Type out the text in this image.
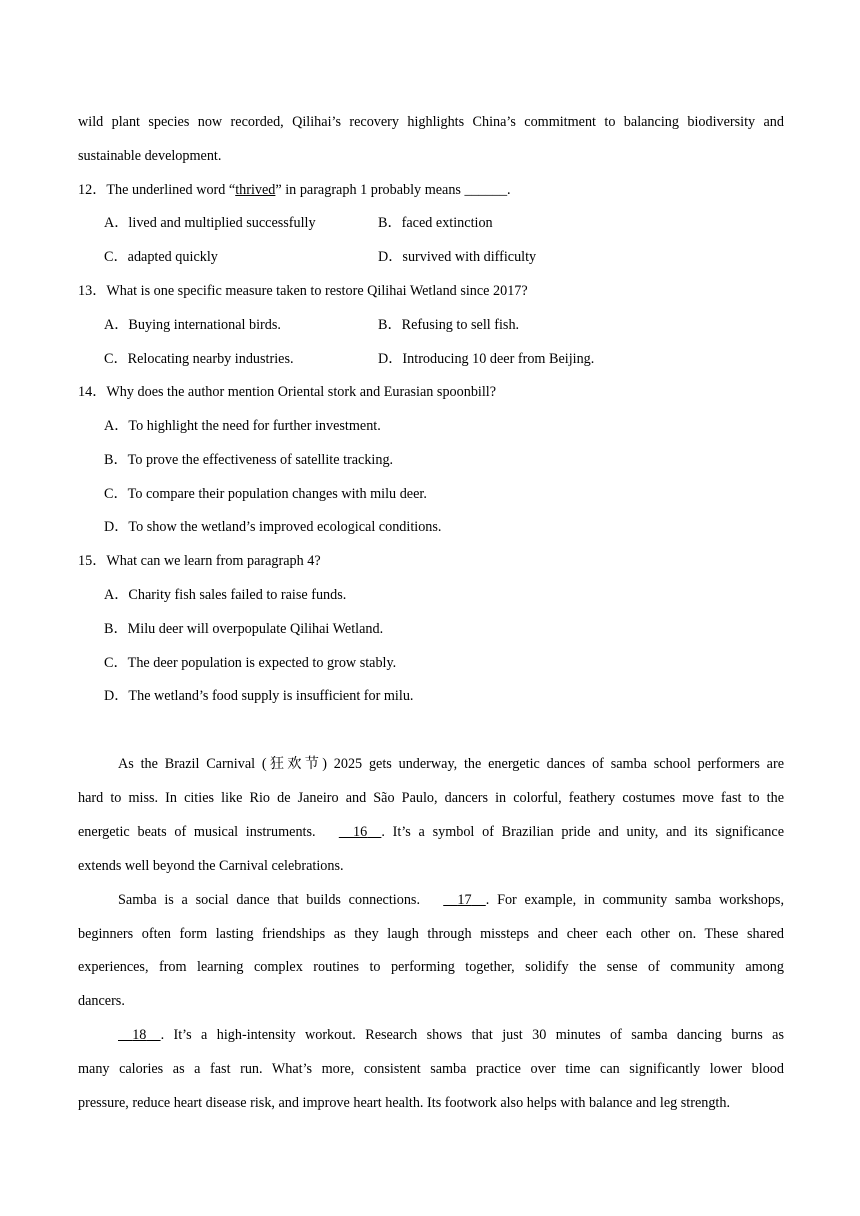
wild plant species now recorded, Qilihai’s recovery highlights China’s commitment to balancing biodiversity and
sustainable development.
12．The underlined word “thrived” in paragraph 1 probably means ______.
A．lived and multiplied successfully	B．faced extinction
C．adapted quickly	D．survived with difficulty
13．What is one specific measure taken to restore Qilihai Wetland since 2017?
A．Buying international birds.	B．Refusing to sell fish.
C．Relocating nearby industries.	D．Introducing 10 deer from Beijing.
14．Why does the author mention Oriental stork and Eurasian spoonbill?
A．To highlight the need for further investment.
B．To prove the effectiveness of satellite tracking.
C．To compare their population changes with milu deer.
D．To show the wetland’s improved ecological conditions.
15．What can we learn from paragraph 4?
A．Charity fish sales failed to raise funds.
B．Milu deer will overpopulate Qilihai Wetland.
C．The deer population is expected to grow stably.
D．The wetland’s food supply is insufficient for milu.
As the Brazil Carnival (狂欢节) 2025 gets underway, the energetic dances of samba school performers are
hard to miss. In cities like Rio de Janeiro and São Paulo, dancers in colorful, feathery costumes move fast to the
energetic beats of musical instruments.	16 . It’s a symbol of Brazilian pride and unity, and its significance
extends well beyond the Carnival celebrations.
Samba is a social dance that builds connections.	17 . For example, in community samba workshops,
beginners often form lasting friendships as they laugh through missteps and cheer each other on. These shared
experiences, from learning complex routines to performing together, solidify the sense of community among
dancers.
18 . It’s a high-intensity workout. Research shows that just 30 minutes of samba dancing burns as
many calories as a fast run. What’s more, consistent samba practice over time can significantly lower blood
pressure, reduce heart disease risk, and improve heart health. Its footwork also helps with balance and leg strength.
